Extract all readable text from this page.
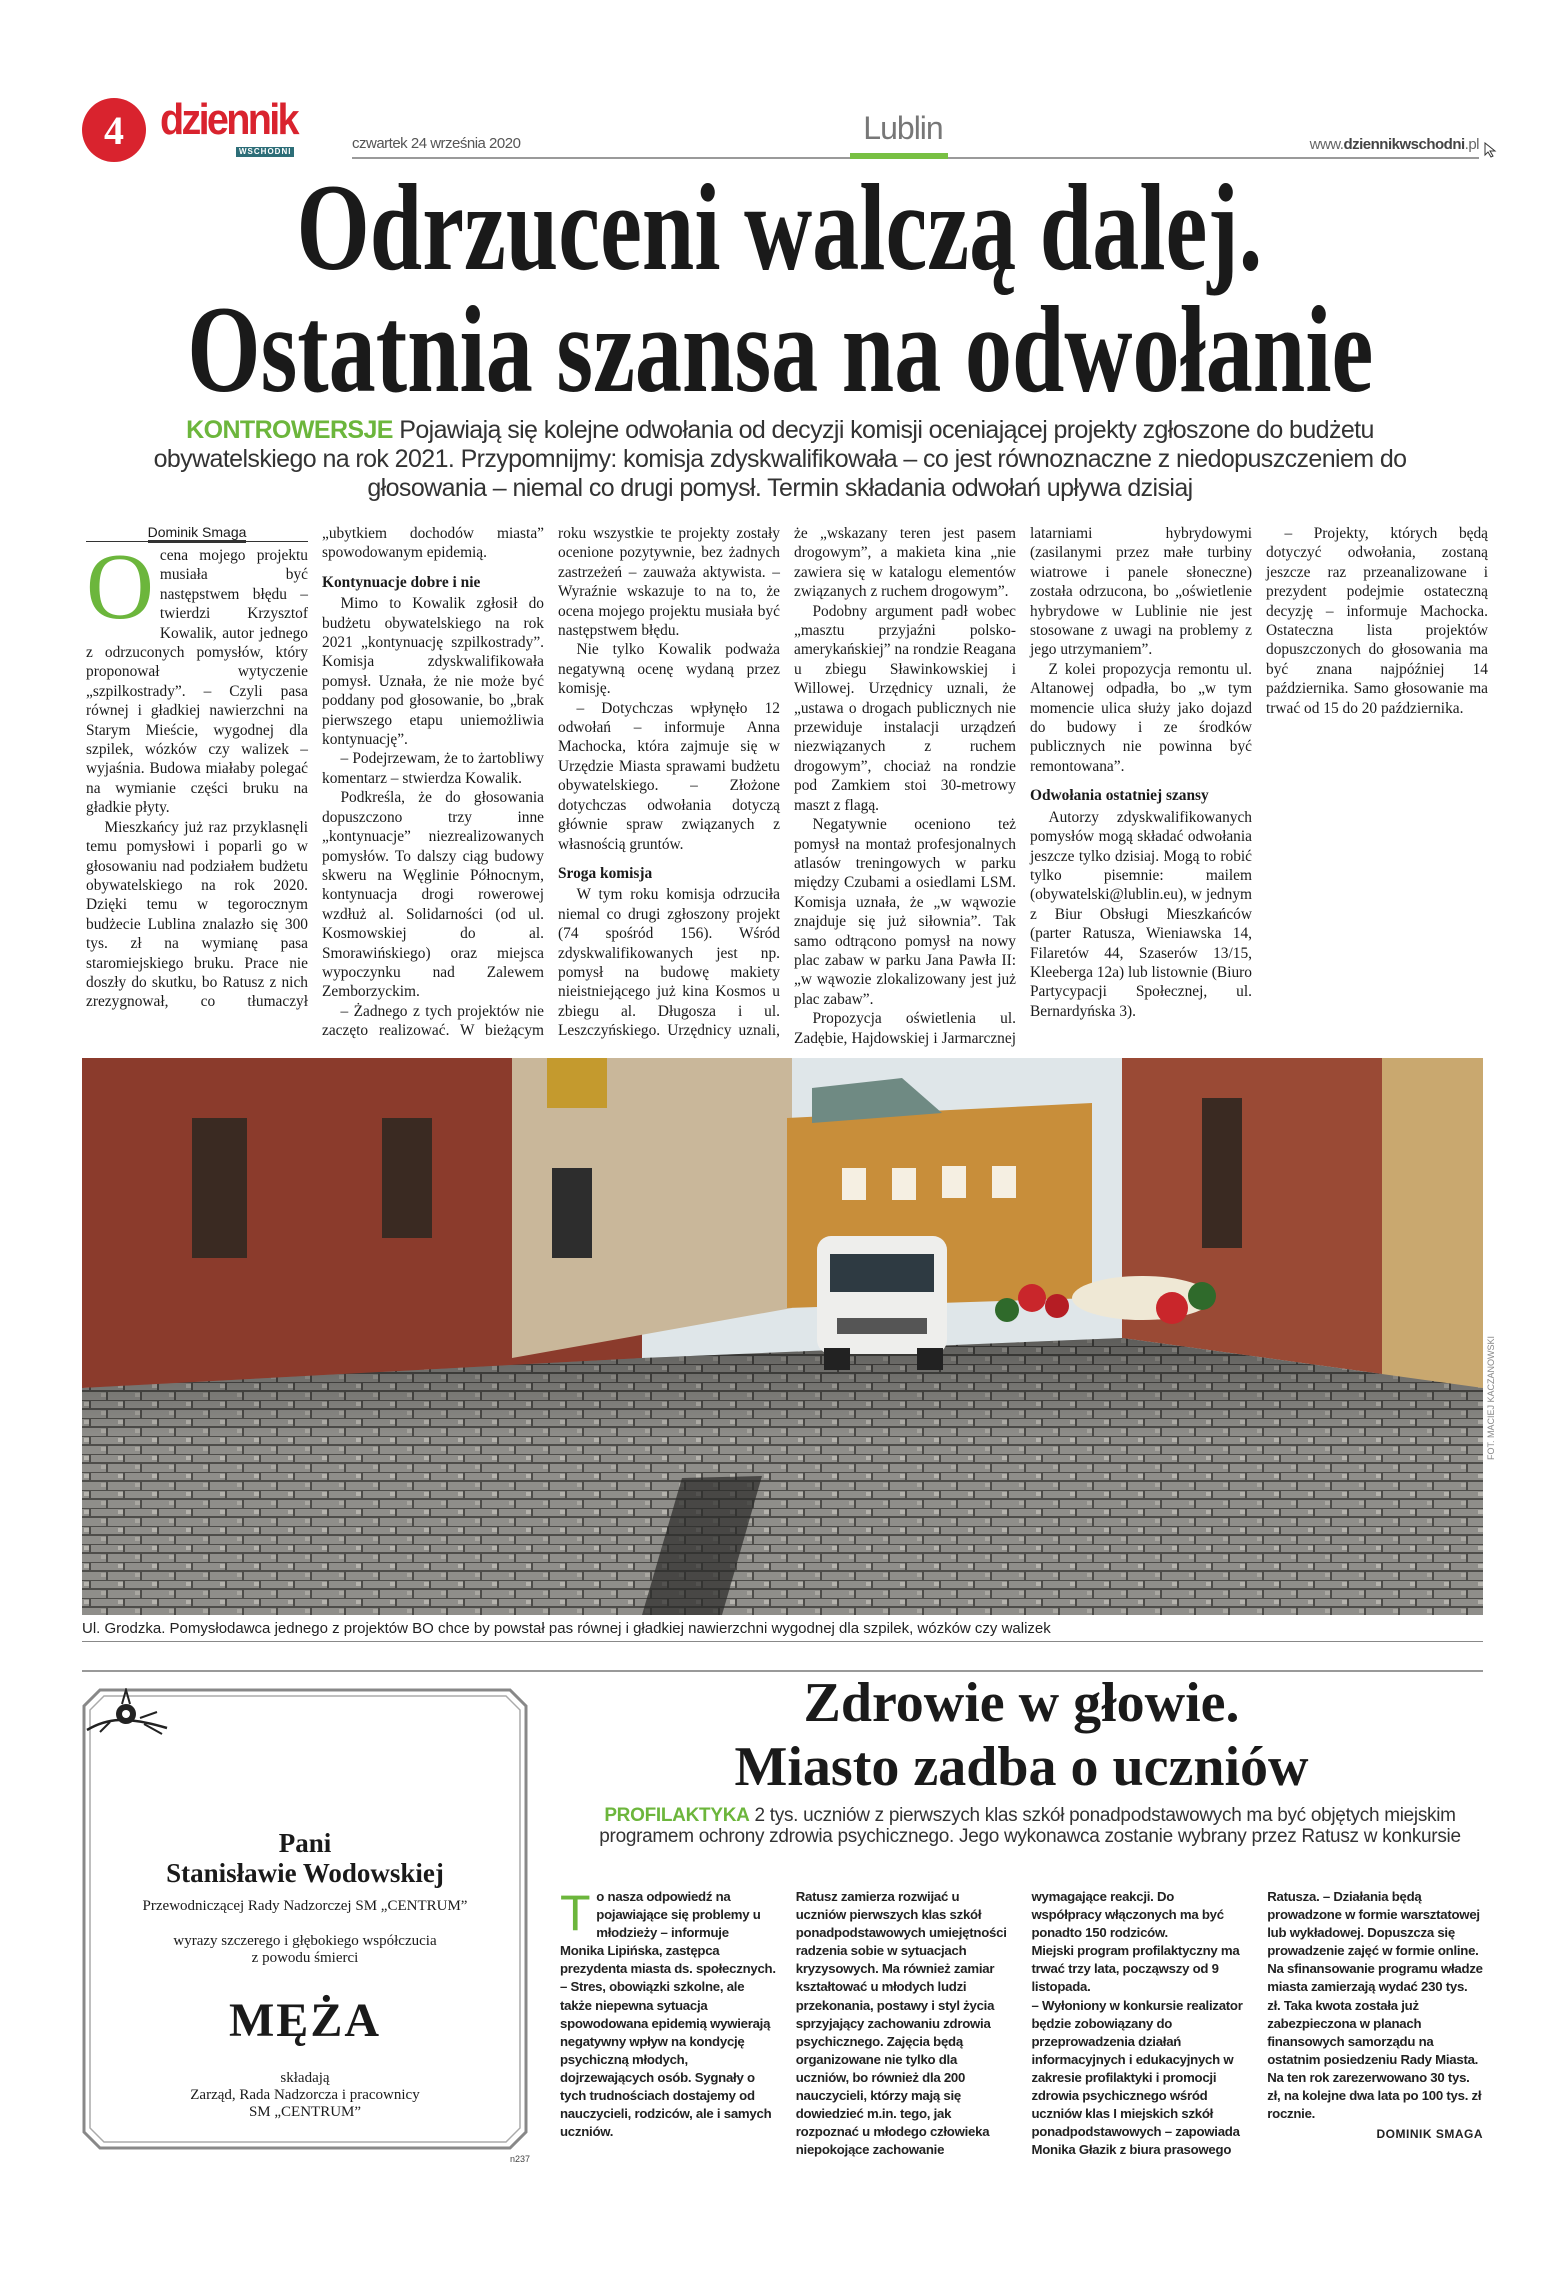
4 dziennik
WSCHODNI	czwartek 24 września 2020	Lublin	www.dziennikwschodni.pl
Odrzuceni walczą dalej.
Ostatnia szansa na odwołanie
KONTROWERSJE Pojawiają się kolejne odwołania od decyzji komisji oceniającej projekty zgłoszone do budżetu obywatelskiego na rok 2021. Przypomnijmy: komisja zdyskwalifikowała – co jest równoznaczne z niedopuszczeniem do głosowania – niemal co drugi pomysł. Termin składania odwołań upływa dzisiaj
Dominik Smaga

Ocena mojego projektu musiała być następstwem błędu – twierdzi Krzysztof Kowalik, autor jednego z odrzuconych pomysłów, który proponował wytyczenie „szpilkostrady”. – Czyli pasa równej i gładkiej nawierzchni na Starym Mieście, wygodnej dla szpilek, wózków czy walizek – wyjaśnia. Budowa miałaby polegać na wymianie części bruku na gładkie płyty.

Mieszkańcy już raz przyklasnęli temu pomysłowi i poparli go w głosowaniu nad podziałem budżetu obywatelskiego na rok 2020. Dzięki temu w tegorocznym budżecie Lublina znalazło się 300 tys. zł na wymianę pasa staromiejskiego bruku. Prace nie doszły do skutku, bo Ratusz z nich zrezygnował, co tłumaczył „ubytkiem dochodów miasta” spowodowanym epidemią.

Kontynuacje dobre i nie

Mimo to Kowalik zgłosił do budżetu obywatelskiego na rok 2021 „kontynuację szpilkostrady”. Komisja zdyskwalifikowała pomysł. Uznała, że nie może być poddany pod głosowanie, bo „brak pierwszego etapu uniemożliwia kontynuację”.

– Podejrzewam, że to żartobliwy komentarz – stwierdza Kowalik.

Podkreśla, że do głosowania dopuszczono trzy inne „kontynuacje” niezrealizowanych pomysłów. To dalszy ciąg budowy skweru na Węglinie Północnym, kontynuacja drogi rowerowej wzdłuż al. Solidarności (od ul. Kosmowskiej do al. Smorawińskiego) oraz miejsca wypoczynku nad Zalewem Zemborzyckim.

– Żadnego z tych projektów nie zaczęto realizować. W bieżącym roku wszystkie te projekty zostały ocenione pozytywnie, bez żadnych zastrzeżeń – zauważa aktywista. – Wyraźnie wskazuje to na to, że ocena mojego projektu musiała być następstwem błędu.

Nie tylko Kowalik podważa negatywną ocenę wydaną przez komisję.

– Dotychczas wpłynęło 12 odwołań – informuje Anna Machocka, która zajmuje się w Urzędzie Miasta sprawami budżetu obywatelskiego. – Złożone dotychczas odwołania dotyczą głównie spraw związanych z własnością gruntów.

Sroga komisja

W tym roku komisja odrzuciła niemal co drugi zgłoszony projekt (74 spośród 156). Wśród zdyskwalifikowanych jest np. pomysł na budowę makiety nieistniejącego już kina Kosmos u zbiegu al. Długosza i ul. Leszczyńskiego. Urzędnicy uznali, że „wskazany teren jest pasem drogowym”, a makieta kina „nie zawiera się w katalogu elementów związanych z ruchem drogowym”.

Podobny argument padł wobec „masztu przyjaźni polsko-amerykańskiej” na rondzie Reagana u zbiegu Sławinkowskiej i Willowej. Urzędnicy uznali, że „ustawa o drogach publicznych nie przewiduje instalacji urządzeń niezwiązanych z ruchem drogowym”, chociaż na rondzie pod Zamkiem stoi 30-metrowy maszt z flagą.

Negatywnie oceniono też pomysł na montaż profesjonalnych atlasów treningowych w parku między Czubami a osiedlami LSM. Komisja uznała, że „w wąwozie znajduje się już siłownia”. Tak samo odtrącono pomysł na nowy plac zabaw w parku Jana Pawła II: „w wąwozie zlokalizowany jest już plac zabaw”.

Propozycja oświetlenia ul. Zadębie, Hajdowskiej i Jarmarcznej latarniami hybrydowymi (zasilanymi przez małe turbiny wiatrowe i panele słoneczne) została odrzucona, bo „oświetlenie hybrydowe w Lublinie nie jest stosowane z uwagi na problemy z jego utrzymaniem”.

Z kolei propozycja remontu ul. Altanowej odpadła, bo „w tym momencie ulica służy jako dojazd do budowy i ze środków publicznych nie powinna być remontowana”.

Odwołania ostatniej szansy

Autorzy zdyskwalifikowanych pomysłów mogą składać odwołania jeszcze tylko dzisiaj. Mogą to robić tylko pisemnie: mailem (obywatelski@lublin.eu), w jednym z Biur Obsługi Mieszkańców (parter Ratusza, Wieniawska 14, Filaretów 44, Szaserów 13/15, Kleeberga 12a) lub listownie (Biuro Partycypacji Społecznej, ul. Bernardyńska 3).

– Projekty, których będą dotyczyć odwołania, zostaną jeszcze raz przeanalizowane i prezydent podejmie ostateczną decyzję – informuje Machocka. Ostateczna lista projektów dopuszczonych do głosowania ma być znana najpóźniej 14 października. Samo głosowanie ma trwać od 15 do 20 października.

FOT. MACIEJ KACZANOWSKI
Ul. Grodzka. Pomysłodawca jednego z projektów BO chce by powstał pas równej i gładkiej nawierzchni wygodnej dla szpilek, wózków czy walizek
Pani
Stanisławie Wodowskiej
Przewodniczącej Rady Nadzorczej SM „CENTRUM”
wyrazy szczerego i głębokiego współczucia
z powodu śmierci
MĘŻA
składają
Zarząd, Rada Nadzorcza i pracownicy
SM „CENTRUM”
n237
Zdrowie w głowie.
Miasto zadba o uczniów
PROFILAKTYKA 2 tys. uczniów z pierwszych klas szkół ponadpodstawowych ma być objętych miejskim programem ochrony zdrowia psychicznego. Jego wykonawca zostanie wybrany przez Ratusz w konkursie

To nasza odpowiedź na pojawiające się problemy u młodzieży – informuje Monika Lipińska, zastępca prezydenta miasta ds. społecznych. – Stres, obowiązki szkolne, ale także niepewna sytuacja spowodowana epidemią wywierają negatywny wpływ na kondycję psychiczną młodych, dojrzewających osób. Sygnały o tych trudnościach dostajemy od nauczycieli, rodziców, ale i samych uczniów.

Ratusz zamierza rozwijać u uczniów pierwszych klas szkół ponadpodstawowych umiejętności radzenia sobie w sytuacjach kryzysowych. Ma również zamiar kształtować u młodych ludzi przekonania, postawy i styl życia sprzyjający zachowaniu zdrowia psychicznego. Zajęcia będą organizowane nie tylko dla uczniów, bo również dla 200 nauczycieli, którzy mają się dowiedzieć m.in. tego, jak rozpoznać u młodego człowieka niepokojące zachowanie wymagające reakcji. Do współpracy włączonych ma być ponadto 150 rodziców.

Miejski program profilaktyczny ma trwać trzy lata, począwszy od 9 listopada.

– Wyłoniony w konkursie realizator będzie zobowiązany do przeprowadzenia działań informacyjnych i edukacyjnych w zakresie profilaktyki i promocji zdrowia psychicznego wśród uczniów klas I miejskich szkół ponadpodstawowych – zapowiada Monika Głazik z biura prasowego Ratusza. – Działania będą prowadzone w formie warsztatowej lub wykładowej. Dopuszcza się prowadzenie zajęć w formie online.

Na sfinansowanie programu władze miasta zamierzają wydać 230 tys. zł. Taka kwota została już zabezpieczona w planach finansowych samorządu na ostatnim posiedzeniu Rady Miasta. Na ten rok zarezerwowano 30 tys. zł, na kolejne dwa lata po 100 tys. zł rocznie.

DOMINIK SMAGA
